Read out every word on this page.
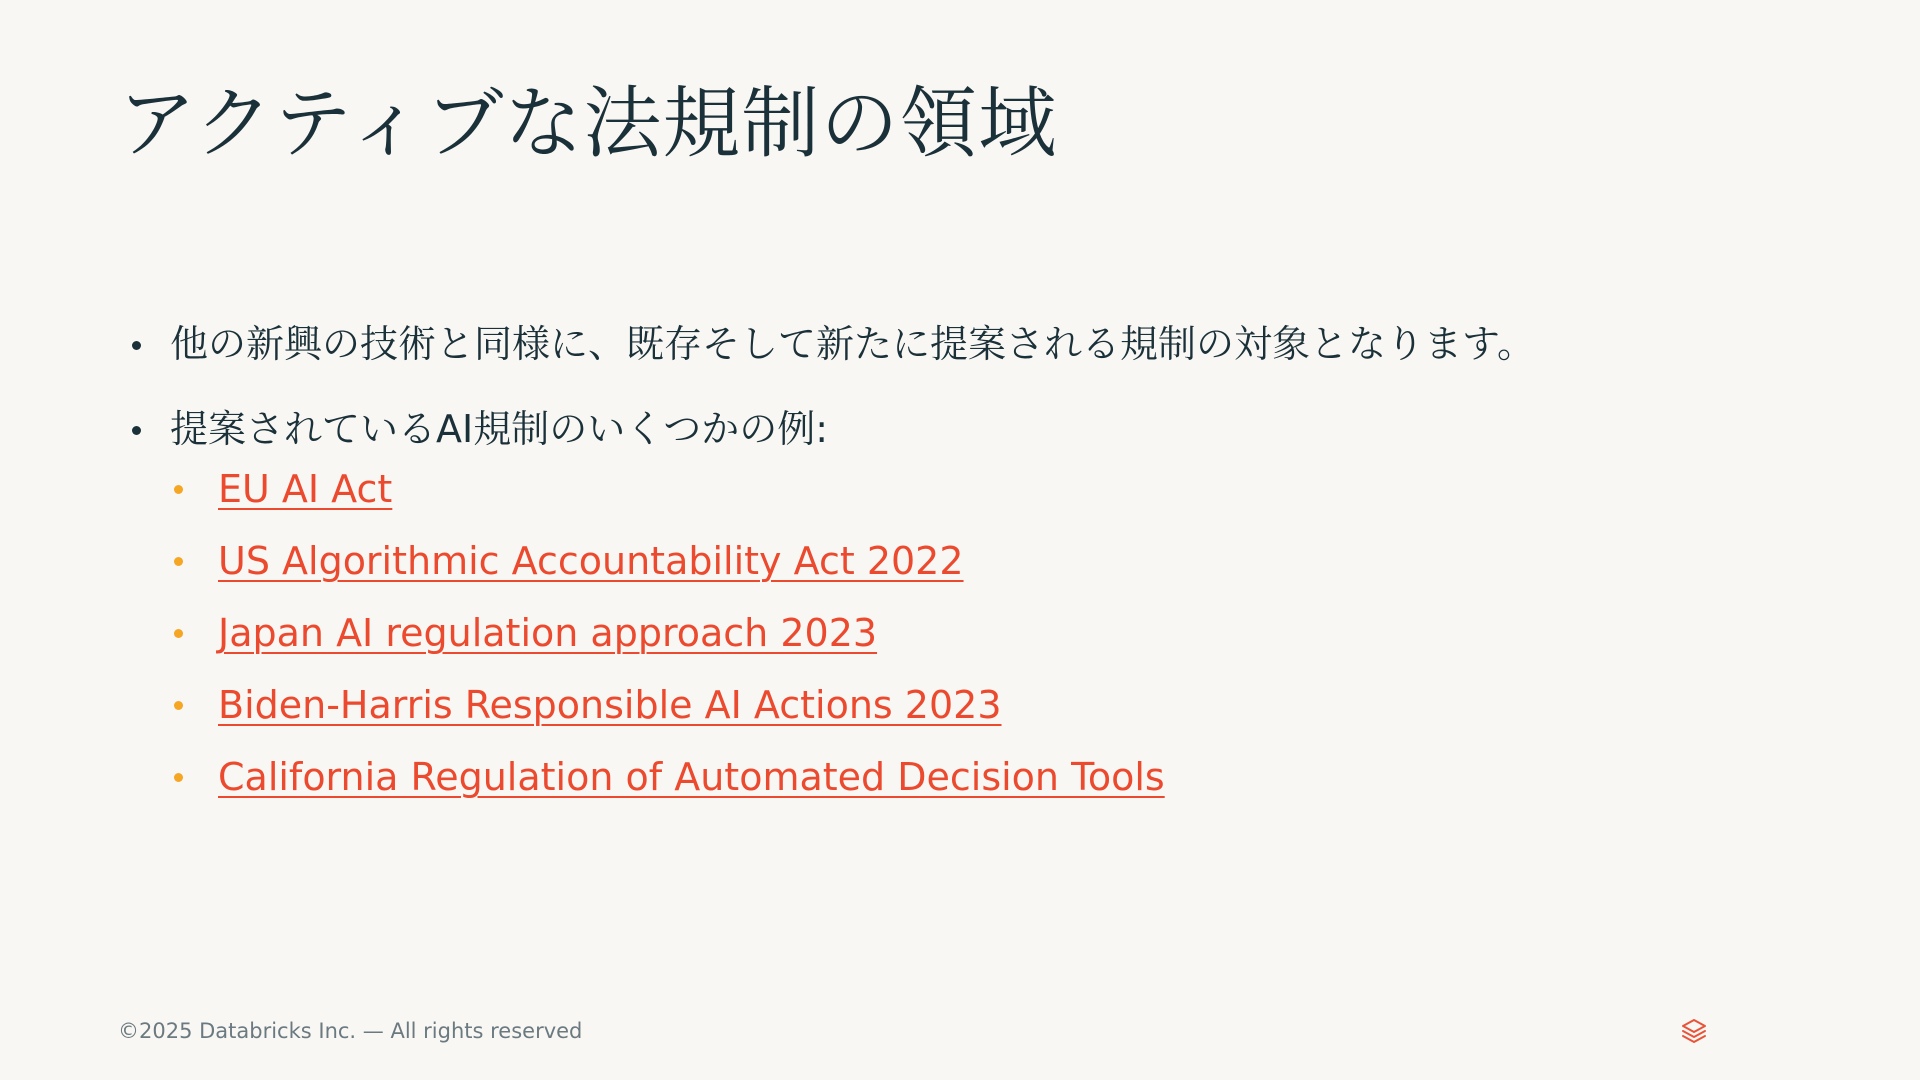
アクティブな法規制の領域
他の新興の技術と同様に、既存そして新たに提案される規制の対象となります。
提案されているAI規制のいくつかの例:
EU AI Act
US Algorithmic Accountability Act 2022
Japan AI regulation approach 2023
Biden-Harris Responsible AI Actions 2023
California Regulation of Automated Decision Tools
©2025 Databricks Inc. — All rights reserved
